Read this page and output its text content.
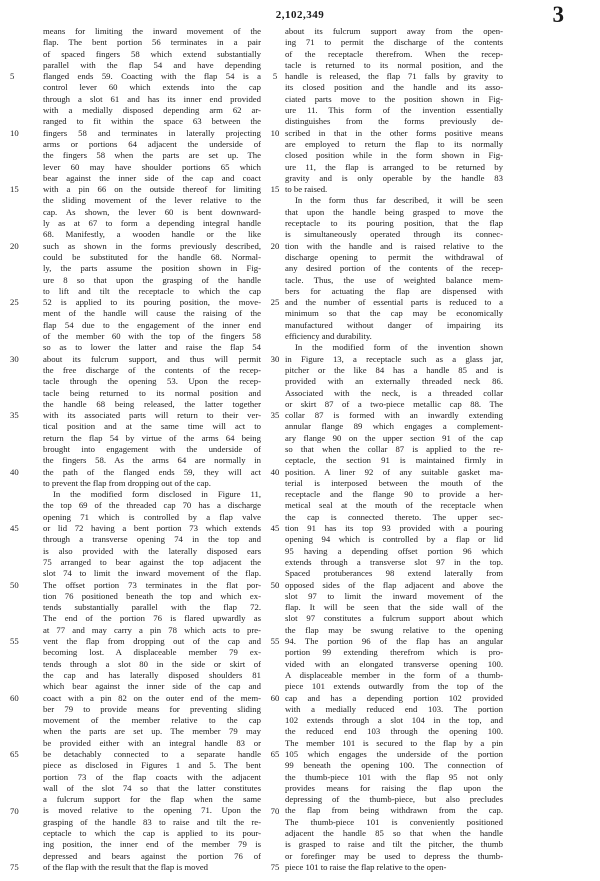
2,102,349	3
5
10
15
20
25
30
35
40
45
50
55
60
65
70
75
means for limiting the inward movement of the
flap. The bent portion 56 terminates in a pair
of spaced fingers 58 which extend substantially
parallel with the flap 54 and have depending
flanged ends 59. Coacting with the flap 54 is a
control lever 60 which extends into the cap
through a slot 61 and has its inner end provided
with a medially disposed depending arm 62 ar-
ranged to fit within the space 63 between the
fingers 58 and terminates in laterally projecting
arms or portions 64 adjacent the underside of
the fingers 58 when the parts are set up. The
lever 60 may have shoulder portions 65 which
bear against the inner side of the cap and coact
with a pin 66 on the outside thereof for limiting
the sliding movement of the lever relative to the
cap. As shown, the lever 60 is bent downward-
ly as at 67 to form a depending integral handle
68. Manifestly, a wooden handle or the like
such as shown in the forms previously described,
could be substituted for the handle 68. Normal-
ly, the parts assume the position shown in Fig-
ure 8 so that upon the grasping of the handle
to lift and tilt the receptacle to which the cap
52 is applied to its pouring position, the move-
ment of the handle will cause the raising of the
flap 54 due to the engagement of the inner end
of the member 60 with the top of the fingers 58
so as to lower the latter and raise the flap 54
about its fulcrum support, and thus will permit
the free discharge of the contents of the recep-
tacle through the opening 53. Upon the recep-
tacle being returned to its normal position and
the handle 68 being released, the latter together
with its associated parts will return to their ver-
tical position and at the same time will act to
return the flap 54 by virtue of the arms 64 being
brought into engagement with the underside of
the fingers 58. As the arms 64 are normally in
the path of the flanged ends 59, they will act
to prevent the flap from dropping out of the cap.
In the modified form disclosed in Figure 11,
the top 69 of the threaded cap 70 has a discharge
opening 71 which is controlled by a flap valve
or lid 72 having a bent portion 73 which extends
through a transverse opening 74 in the top and
is also provided with the laterally disposed ears
75 arranged to bear against the top adjacent the
slot 74 to limit the inward movement of the flap.
The offset portion 73 terminates in the flat por-
tion 76 positioned beneath the top and which ex-
tends substantially parallel with the flap 72.
The end of the portion 76 is flared upwardly as
at 77 and may carry a pin 78 which acts to pre-
vent the flap from dropping out of the cap and
becoming lost. A displaceable member 79 ex-
tends through a slot 80 in the side or skirt of
the cap and has laterally disposed shoulders 81
which bear against the inner side of the cap and
coact with a pin 82 on the outer end of the mem-
ber 79 to provide means for preventing sliding
movement of the member relative to the cap
when the parts are set up. The member 79 may
be provided either with an integral handle 83 or
be detachably connected to a separate handle
piece as disclosed in Figures 1 and 5. The bent
portion 73 of the flap coacts with the adjacent
wall of the slot 74 so that the latter constitutes
a fulcrum support for the flap when the same
is moved relative to the opening 71. Upon the
grasping of the handle 83 to raise and tilt the re-
ceptacle to which the cap is applied to its pour-
ing position, the inner end of the member 79 is
depressed and bears against the portion 76 of
of the flap with the result that the flap is moved
5
10
15
20
25
30
35
40
45
50
55
60
65
70
75
about its fulcrum support away from the open-
ing 71 to permit the discharge of the contents
of the receptacle therefrom. When the recep-
tacle is returned to its normal position, and the
handle is released, the flap 71 falls by gravity to
its closed position and the handle and its asso-
ciated parts move to the position shown in Fig-
ure 11. This form of the invention essentially
distinguishes from the forms previously de-
scribed in that in the other forms positive means
are employed to return the flap to its normally
closed position while in the form shown in Fig-
ure 11, the flap is arranged to be returned by
gravity and is only operable by the handle 83
to be raised.
In the form thus far described, it will be seen
that upon the handle being grasped to move the
receptacle to its pouring position, that the flap
is simultaneously operated through its connec-
tion with the handle and is raised relative to the
discharge opening to permit the withdrawal of
any desired portion of the contents of the recep-
tacle. Thus, the use of weighted balance mem-
bers for actuating the flap are dispensed with
and the number of essential parts is reduced to a
minimum so that the cap may be economically
manufactured without danger of impairing its
efficiency and durability.
In the modified form of the invention shown
in Figure 13, a receptacle such as a glass jar,
pitcher or the like 84 has a handle 85 and is
provided with an externally threaded neck 86.
Associated with the neck, is a threaded collar
or skirt 87 of a two-piece metallic cap 88. The
collar 87 is formed with an inwardly extending
annular flange 89 which engages a complement-
ary flange 90 on the upper section 91 of the cap
so that when the collar 87 is applied to the re-
ceptacle, the section 91 is maintained firmly in
position. A liner 92 of any suitable gasket ma-
terial is interposed between the mouth of the
receptacle and the flange 90 to provide a her-
metical seal at the mouth of the receptacle when
the cap is connected thereto. The upper sec-
tion 91 has its top 93 provided with a pouring
opening 94 which is controlled by a flap or lid
95 having a depending offset portion 96 which
extends through a transverse slot 97 in the top.
Spaced protuberances 98 extend laterally from
opposed sides of the flap adjacent and above the
slot 97 to limit the inward movement of the
flap. It will be seen that the side wall of the
slot 97 constitutes a fulcrum support about which
the flap may be swung relative to the opening
94. The portion 96 of the flap has an angular
portion 99 extending therefrom which is pro-
vided with an elongated transverse opening 100.
A displaceable member in the form of a thumb-
piece 101 extends outwardly from the top of the
cap and has a depending portion 102 provided
with a medially reduced end 103. The portion
102 extends through a slot 104 in the top, and
the reduced end 103 through the opening 100.
The member 101 is secured to the flap by a pin
105 which engages the underside of the portion
99 beneath the opening 100. The connection of
the thumb-piece 101 with the flap 95 not only
provides means for raising the flap upon the
depressing of the thumb-piece, but also precludes
the flap from being withdrawn from the cap.
The thumb-piece 101 is conveniently positioned
adjacent the handle 85 so that when the handle
is grasped to raise and tilt the pitcher, the thumb
or forefinger may be used to depress the thumb-
piece 101 to raise the flap relative to the open-
